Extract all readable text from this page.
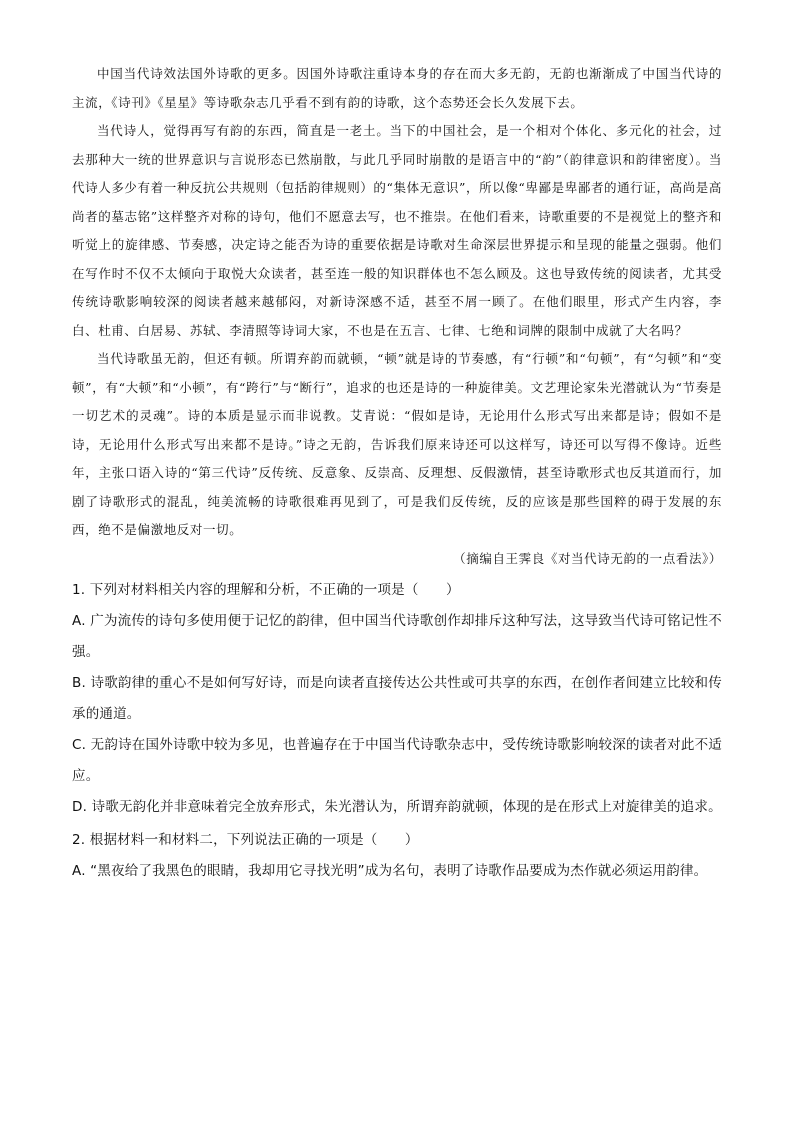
中国当代诗效法国外诗歌的更多。因国外诗歌注重诗本身的存在而大多无韵，无韵也渐渐成了中国当代诗的主流，《诗刊》《星星》等诗歌杂志几乎看不到有韵的诗歌，这个态势还会长久发展下去。

当代诗人，觉得再写有韵的东西，简直是一老土。当下的中国社会，是一个相对个体化、多元化的社会，过去那种大一统的世界意识与言说形态已然崩散，与此几乎同时崩散的是语言中的“韵”（韵律意识和韵律密度）。当代诗人多少有着一种反抗公共规则（包括韵律规则）的“集体无意识”，所以像“卑鄙是卑鄙者的通行证，高尚是高尚者的墓志铭”这样整齐对称的诗句，他们不愿意去写，也不推崇。在他们看来，诗歌重要的不是视觉上的整齐和听觉上的旋律感、节奏感，决定诗之能否为诗的重要依据是诗歌对生命深层世界提示和呈现的能量之强弱。他们在写作时不仅不太倾向于取悦大众读者，甚至连一般的知识群体也不怎么顾及。这也导致传统的阅读者，尤其受传统诗歌影响较深的阅读者越来越郁闷，对新诗深感不适，甚至不屑一顾了。在他们眼里，形式产生内容，李白、杜甫、白居易、苏轼、李清照等诗词大家，不也是在五言、七律、七绝和词牌的限制中成就了大名吗？

当代诗歌虽无韵，但还有顿。所谓弃韵而就顿，“顿”就是诗的节奏感，有“行顿”和“句顿”，有“匀顿”和“变顿”，有“大顿”和“小顿”，有“跨行”与“断行”，追求的也还是诗的一种旋律美。文艺理论家朱光潜就认为“节奏是一切艺术的灵魂”。诗的本质是显示而非说教。艾青说：“假如是诗，无论用什么形式写出来都是诗；假如不是诗，无论用什么形式写出来都不是诗。”诗之无韵，告诉我们原来诗还可以这样写，诗还可以写得不像诗。近些年，主张口语入诗的“第三代诗”反传统、反意象、反崇高、反理想、反假激情，甚至诗歌形式也反其道而行，加剧了诗歌形式的混乱，纯美流畅的诗歌很难再见到了，可是我们反传统，反的应该是那些国粹的碍于发展的东西，绝不是偏激地反对一切。

（摘编自王霁良《对当代诗无韵的一点看法》）

1. 下列对材料相关内容的理解和分析，不正确的一项是（　　）

A. 广为流传的诗句多使用便于记忆的韵律，但中国当代诗歌创作却排斥这种写法，这导致当代诗可铭记性不强。

B. 诗歌韵律的重心不是如何写好诗，而是向读者直接传达公共性或可共享的东西，在创作者间建立比较和传承的通道。

C. 无韵诗在国外诗歌中较为多见，也普遍存在于中国当代诗歌杂志中，受传统诗歌影响较深的读者对此不适应。

D. 诗歌无韵化并非意味着完全放弃形式，朱光潜认为，所谓弃韵就顿，体现的是在形式上对旋律美的追求。

2. 根据材料一和材料二，下列说法正确的一项是（　　）

A. “黑夜给了我黑色的眼睛，我却用它寻找光明”成为名句，表明了诗歌作品要成为杰作就必须运用韵律。
